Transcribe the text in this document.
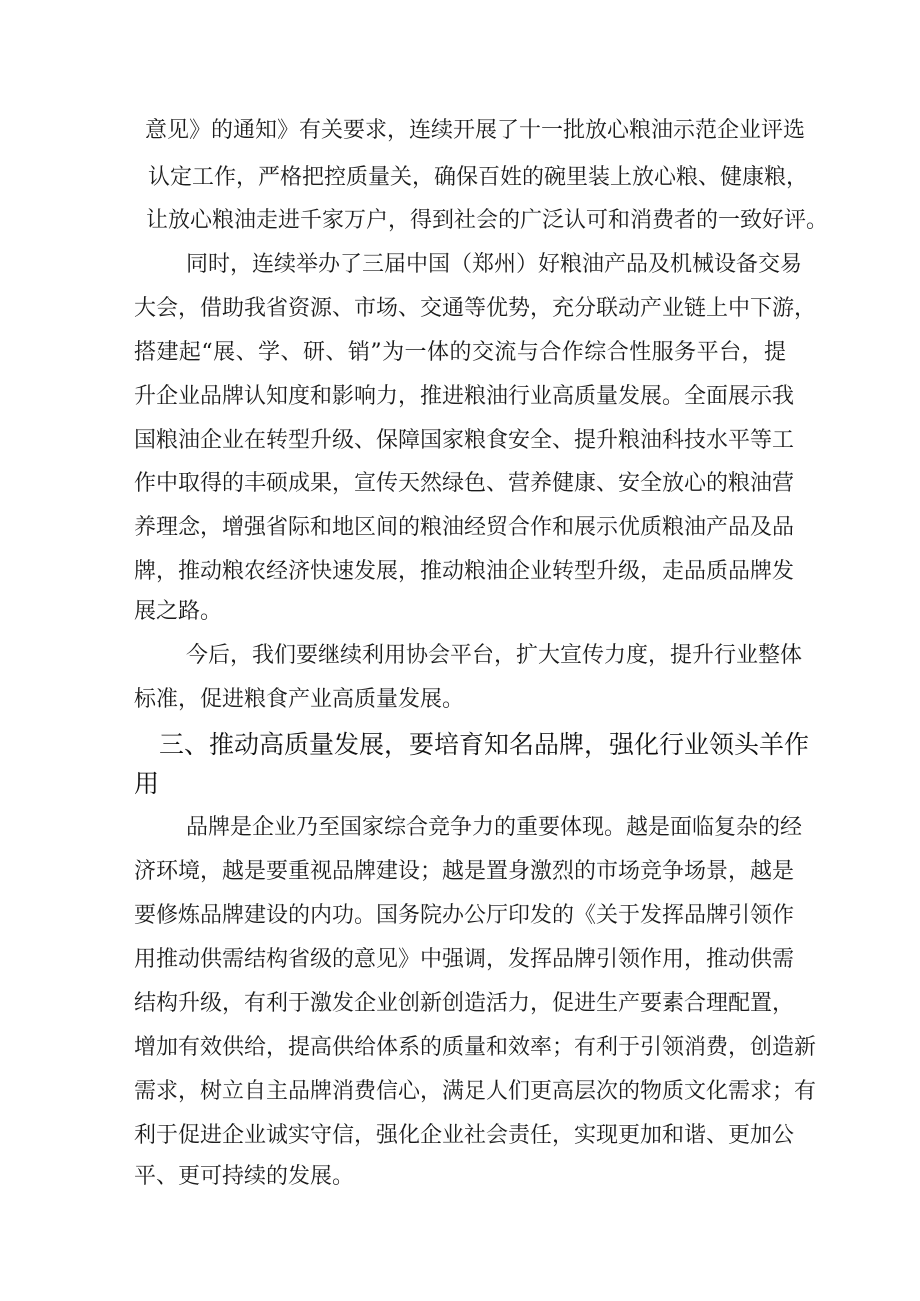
意见》的通知》有关要求，连续开展了十一批放心粮油示范企业评选
认定工作，严格把控质量关，确保百姓的碗里装上放心粮、健康粮，
让放心粮油走进千家万户，得到社会的广泛认可和消费者的一致好评。
同时，连续举办了三届中国（郑州）好粮油产品及机械设备交易
大会，借助我省资源、市场、交通等优势，充分联动产业链上中下游，
搭建起“展、学、研、销”为一体的交流与合作综合性服务平台，提
升企业品牌认知度和影响力，推进粮油行业高质量发展。全面展示我
国粮油企业在转型升级、保障国家粮食安全、提升粮油科技水平等工
作中取得的丰硕成果，宣传天然绿色、营养健康、安全放心的粮油营
养理念，增强省际和地区间的粮油经贸合作和展示优质粮油产品及品
牌，推动粮农经济快速发展，推动粮油企业转型升级，走品质品牌发
展之路。
今后，我们要继续利用协会平台，扩大宣传力度，提升行业整体
标准，促进粮食产业高质量发展。
三、推动高质量发展，要培育知名品牌，强化行业领头羊作
用
品牌是企业乃至国家综合竞争力的重要体现。越是面临复杂的经
济环境，越是要重视品牌建设；越是置身激烈的市场竞争场景，越是
要修炼品牌建设的内功。国务院办公厅印发的《关于发挥品牌引领作
用推动供需结构省级的意见》中强调，发挥品牌引领作用，推动供需
结构升级，有利于激发企业创新创造活力，促进生产要素合理配置，
增加有效供给，提高供给体系的质量和效率；有利于引领消费，创造新
需求，树立自主品牌消费信心，满足人们更高层次的物质文化需求；有
利于促进企业诚实守信，强化企业社会责任，实现更加和谐、更加公
平、更可持续的发展。
